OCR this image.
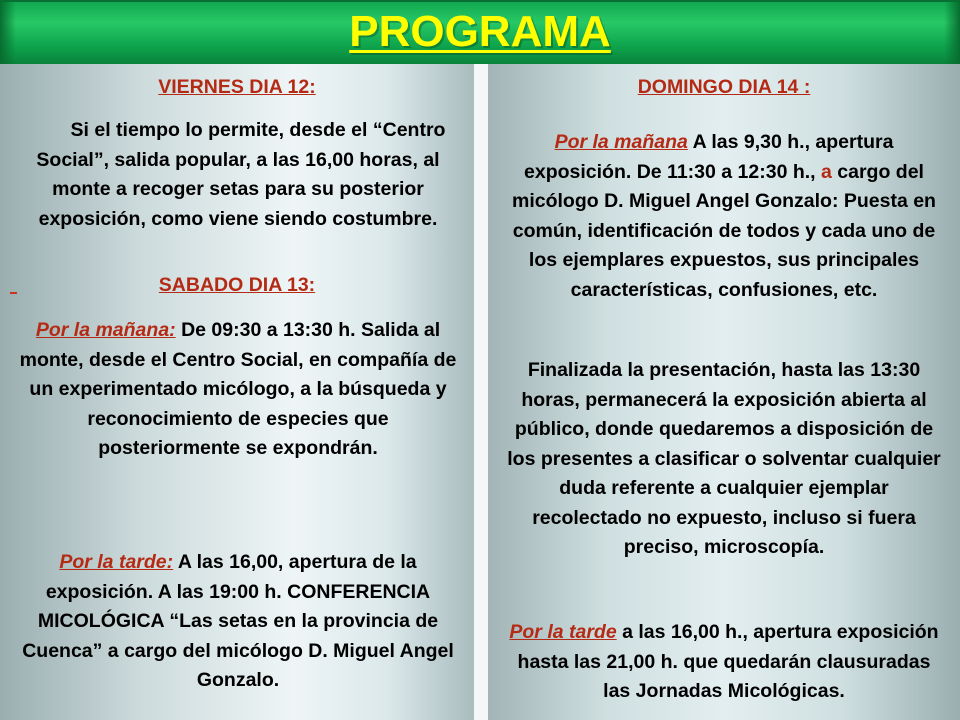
PROGRAMA
VIERNES DIA 12:
Si el tiempo lo permite, desde el “Centro Social”, salida popular, a las 16,00 horas, al monte a recoger setas para su posterior exposición, como viene siendo costumbre.
SABADO DIA 13:
Por la mañana: De 09:30 a 13:30 h. Salida al monte, desde el Centro Social, en compañía de un experimentado micólogo, a la búsqueda y reconocimiento de especies que posteriormente se expondrán.
Por la tarde: A las 16,00, apertura de la exposición. A las 19:00 h. CONFERENCIA MICOLÓGICA “Las setas en la provincia de Cuenca” a cargo del micólogo D. Miguel Angel Gonzalo.
DOMINGO DIA 14 :
Por la mañana A las 9,30 h., apertura exposición. De 11:30 a 12:30 h., a cargo del micólogo D. Miguel Angel Gonzalo: Puesta en común, identificación de todos y cada uno de los ejemplares expuestos, sus principales características, confusiones, etc.
Finalizada la presentación, hasta las 13:30 horas, permanecerá la exposición abierta al público, donde quedaremos a disposición de los presentes a clasificar o solventar cualquier duda referente a cualquier ejemplar recolectado no expuesto, incluso si fuera preciso, microscopía.
Por la tarde a las 16,00 h., apertura exposición hasta las 21,00 h. que quedarán clausuradas las Jornadas Micológicas.
